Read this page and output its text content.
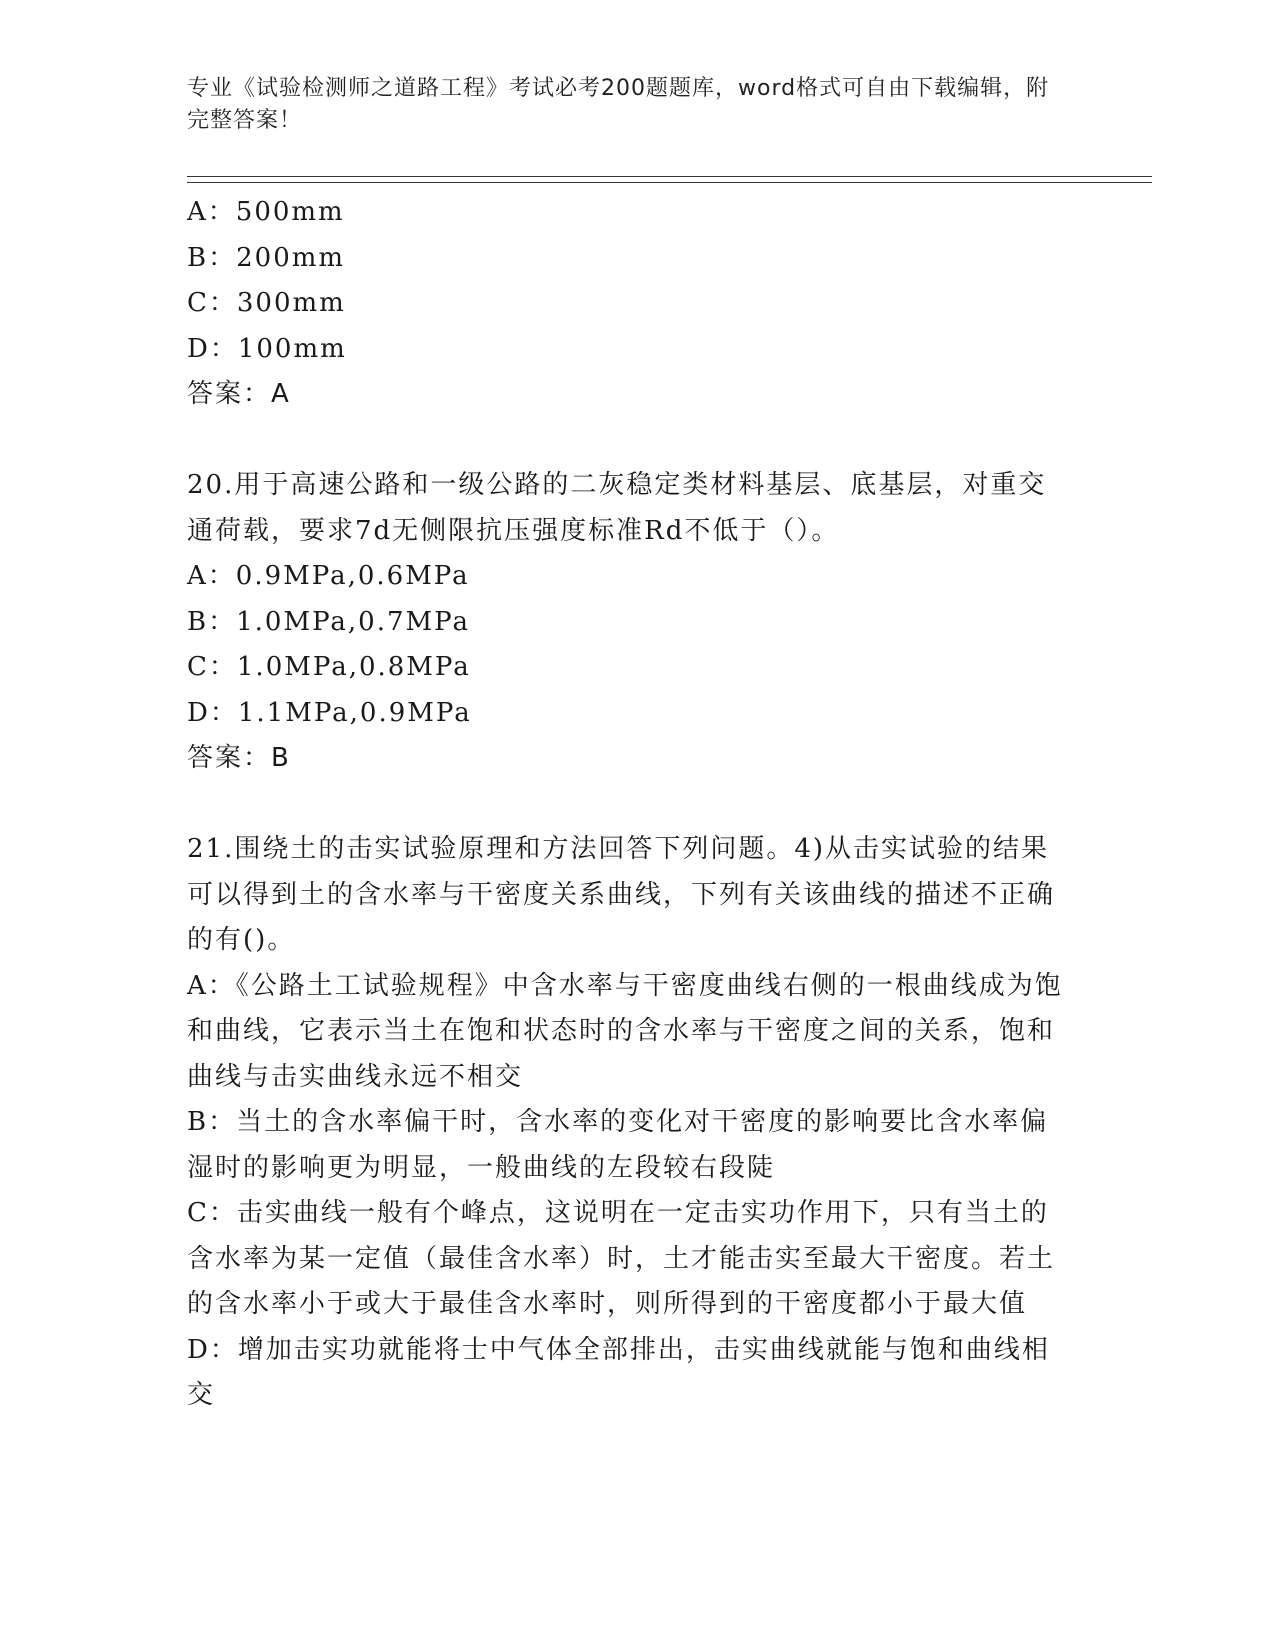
专业《试验检测师之道路工程》考试必考200题题库，word格式可自由下载编辑，附完整答案！
A：500mm
B：200mm
C：300mm
D：100mm
答案：A
20.用于高速公路和一级公路的二灰稳定类材料基层、底基层，对重交通荷载，要求7d无侧限抗压强度标准Rd不低于（）。
A：0.9MPa,0.6MPa
B：1.0MPa,0.7MPa
C：1.0MPa,0.8MPa
D：1.1MPa,0.9MPa
答案：B
21.围绕土的击实试验原理和方法回答下列问题。4)从击实试验的结果可以得到土的含水率与干密度关系曲线，下列有关该曲线的描述不正确的有()。
A：《公路土工试验规程》中含水率与干密度曲线右侧的一根曲线成为饱和曲线，它表示当土在饱和状态时的含水率与干密度之间的关系，饱和曲线与击实曲线永远不相交
B：当土的含水率偏干时，含水率的变化对干密度的影响要比含水率偏湿时的影响更为明显，一般曲线的左段较右段陡
C：击实曲线一般有个峰点，这说明在一定击实功作用下，只有当土的含水率为某一定值（最佳含水率）时，土才能击实至最大干密度。若土的含水率小于或大于最佳含水率时，则所得到的干密度都小于最大值
D：增加击实功就能将士中气体全部排出，击实曲线就能与饱和曲线相交
